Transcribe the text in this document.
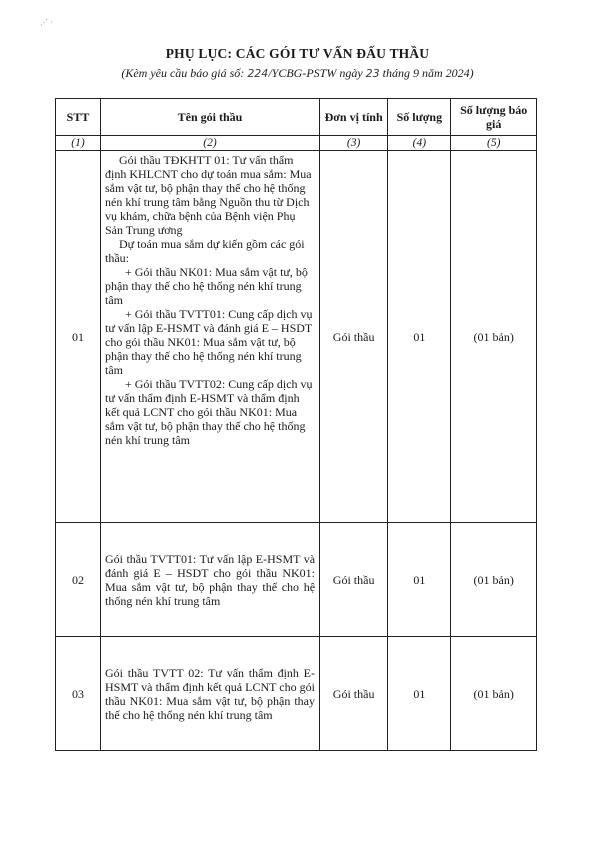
⋰ ·
PHỤ LỤC: CÁC GÓI TƯ VẤN ĐẤU THẦU
(Kèm yêu cầu báo giá số: 224/YCBG-PSTW ngày 23 tháng 9 năm 2024)
STT	Tên gói thầu	Đơn vị tính	Số lượng	Số lượng báo giá
(1)	(2)	(3)	(4)	(5)
01	Gói thầu TĐKHTT 01: Tư vấn thẩm định KHLCNT cho dự toán mua sắm: Mua sắm vật tư, bộ phận thay thế cho hệ thống nén khí trung tâm bằng Nguồn thu từ Dịch vụ khám, chữa bệnh của Bệnh viện Phụ Sản Trung ương

Dự toán mua sắm dự kiến gồm các gói thầu:

+ Gói thầu NK01: Mua sắm vật tư, bộ phận thay thế cho hệ thống nén khí trung tâm

+ Gói thầu TVTT01: Cung cấp dịch vụ tư vấn lập E-HSMT và đánh giá E – HSDT cho gói thầu NK01: Mua sắm vật tư, bộ phận thay thế cho hệ thống nén khí trung tâm

+ Gói thầu TVTT02: Cung cấp dịch vụ tư vấn thẩm định E-HSMT và thẩm định kết quả LCNT cho gói thầu NK01: Mua sắm vật tư, bộ phận thay thế cho hệ thống nén khí trung tâm	Gói thầu	01	(01 bản)
02	Gói thầu TVTT01: Tư vấn lập E-HSMT và đánh giá E – HSDT cho gói thầu NK01: Mua sắm vật tư, bộ phận thay thế cho hệ thống nén khí trung tâm	Gói thầu	01	(01 bản)
03	Gói thầu TVTT 02: Tư vấn thẩm định E-HSMT và thẩm định kết quả LCNT cho gói thầu NK01: Mua sắm vật tư, bộ phận thay thế cho hệ thống nén khí trung tâm	Gói thầu	01	(01 bản)
